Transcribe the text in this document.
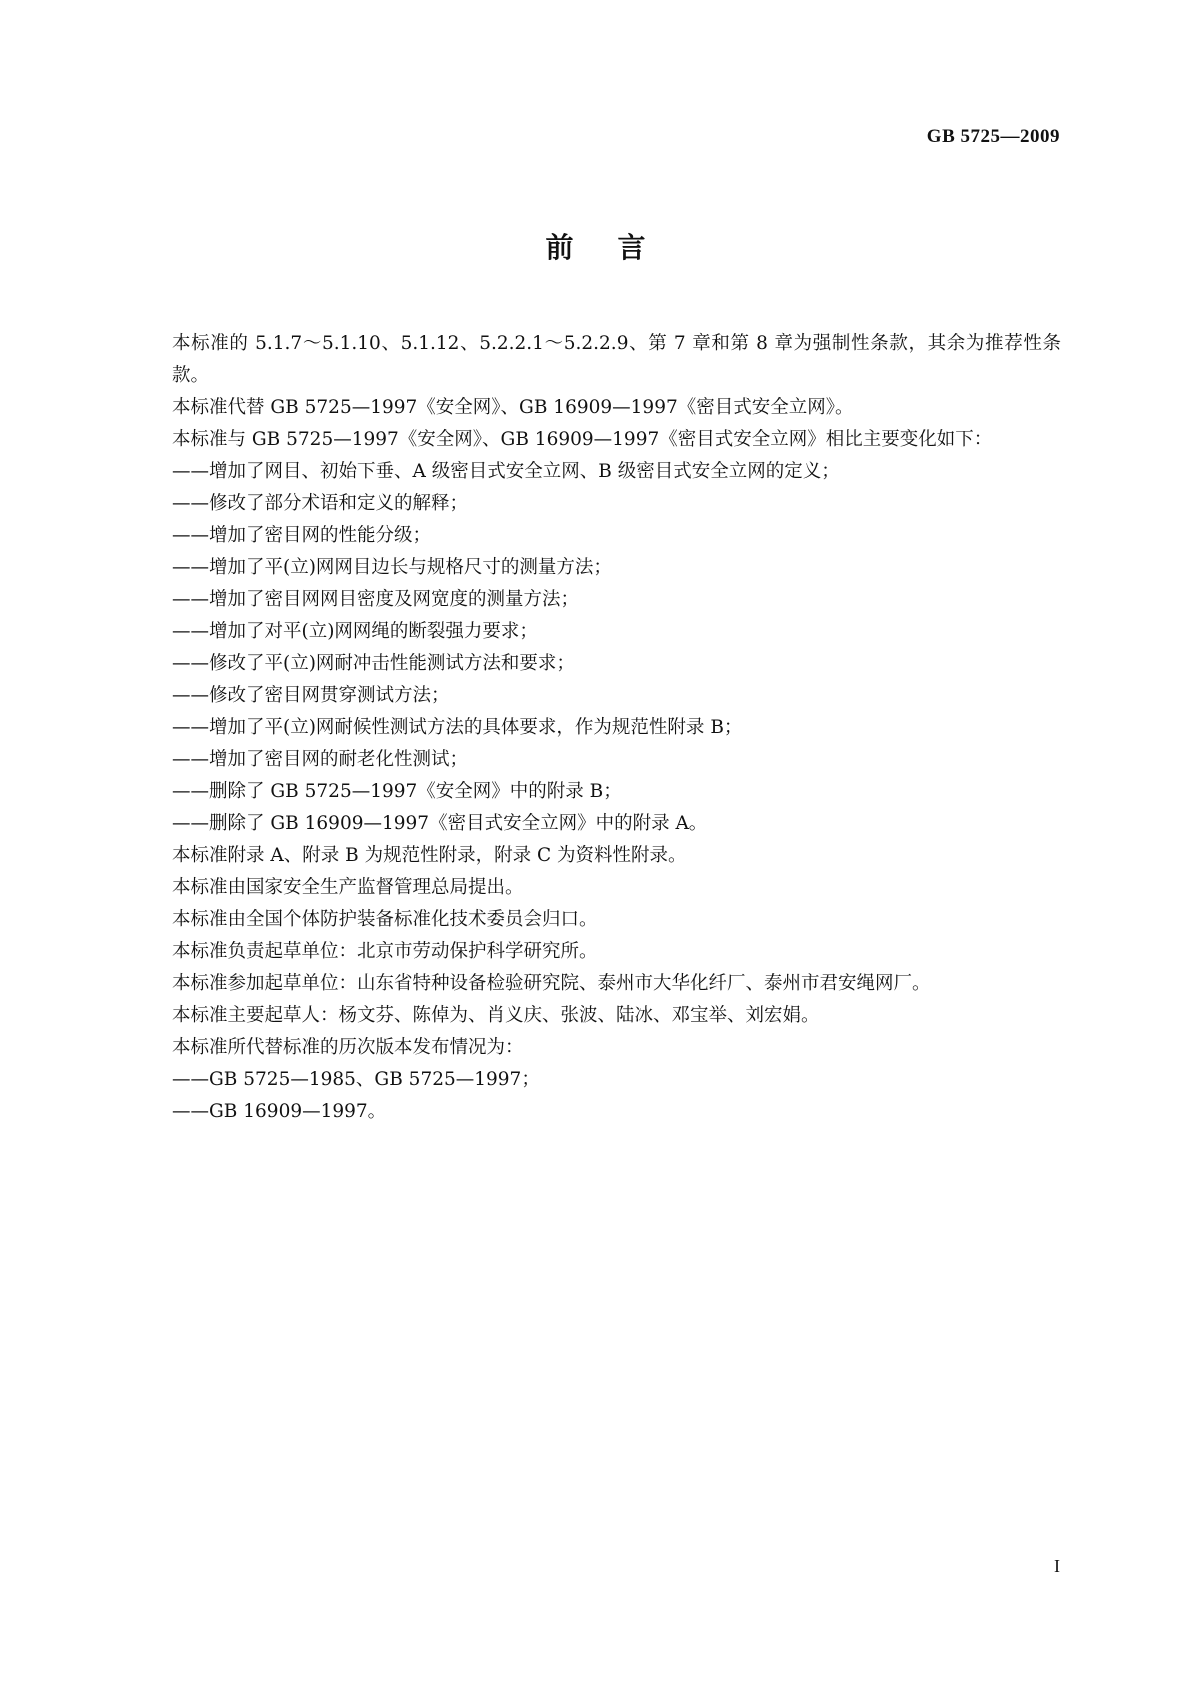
GB 5725—2009
前言

本标准的 5.1.7～5.1.10、5.1.12、5.2.2.1～5.2.2.9、第 7 章和第 8 章为强制性条款，其余为推荐性条款。

本标准代替 GB 5725—1997《安全网》、GB 16909—1997《密目式安全立网》。

本标准与 GB 5725—1997《安全网》、GB 16909—1997《密目式安全立网》相比主要变化如下：

——增加了网目、初始下垂、A 级密目式安全立网、B 级密目式安全立网的定义；

——修改了部分术语和定义的解释；

——增加了密目网的性能分级；

——增加了平(立)网网目边长与规格尺寸的测量方法；

——增加了密目网网目密度及网宽度的测量方法；

——增加了对平(立)网网绳的断裂强力要求；

——修改了平(立)网耐冲击性能测试方法和要求；

——修改了密目网贯穿测试方法；

——增加了平(立)网耐候性测试方法的具体要求，作为规范性附录 B；

——增加了密目网的耐老化性测试；

——删除了 GB 5725—1997《安全网》中的附录 B；

——删除了 GB 16909—1997《密目式安全立网》中的附录 A。

本标准附录 A、附录 B 为规范性附录，附录 C 为资料性附录。

本标准由国家安全生产监督管理总局提出。

本标准由全国个体防护装备标准化技术委员会归口。

本标准负责起草单位：北京市劳动保护科学研究所。

本标准参加起草单位：山东省特种设备检验研究院、泰州市大华化纤厂、泰州市君安绳网厂。

本标准主要起草人：杨文芬、陈倬为、肖义庆、张波、陆冰、邓宝举、刘宏娟。

本标准所代替标准的历次版本发布情况为：

——GB 5725—1985、GB 5725—1997；

——GB 16909—1997。

I
